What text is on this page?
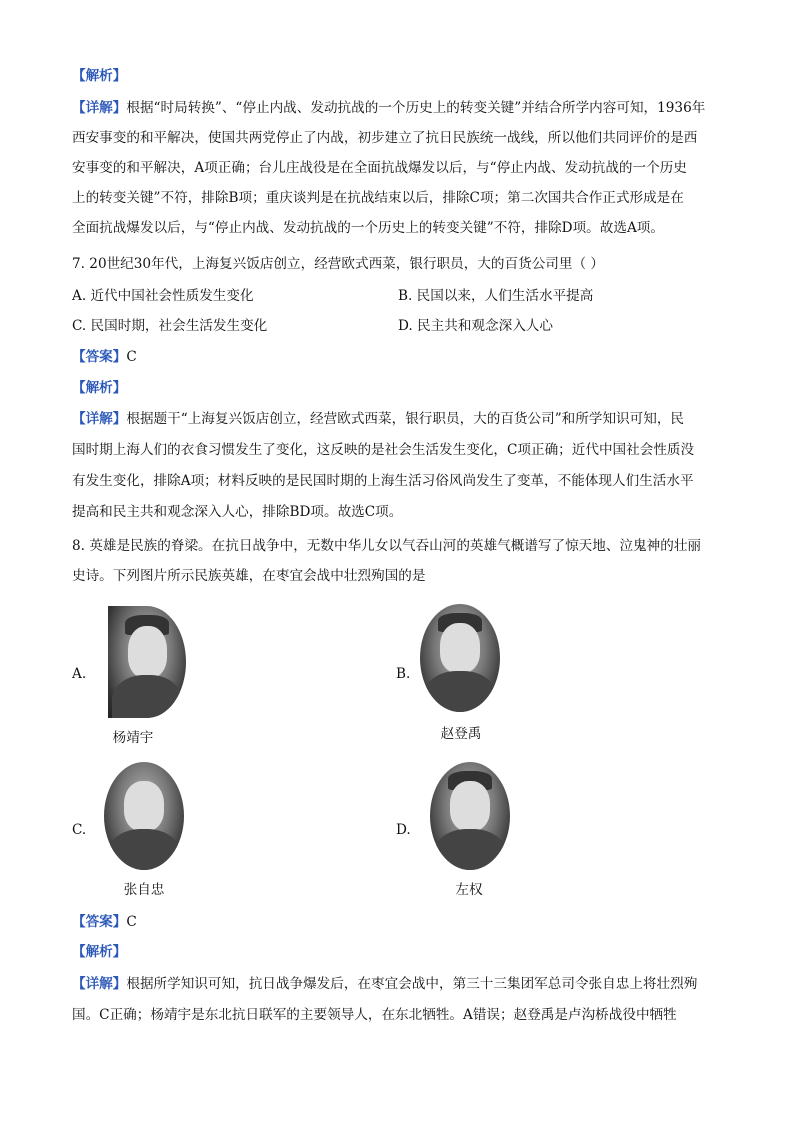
【解析】

【详解】根据“时局转换”、“停止内战、发动抗战的一个历史上的转变关键”并结合所学内容可知，1936年

西安事变的和平解决，使国共两党停止了内战，初步建立了抗日民族统一战线，所以他们共同评价的是西

安事变的和平解决，A项正确；台儿庄战役是在全面抗战爆发以后，与“停止内战、发动抗战的一个历史

上的转变关键”不符，排除B项；重庆谈判是在抗战结束以后，排除C项；第二次国共合作正式形成是在

全面抗战爆发以后，与“停止内战、发动抗战的一个历史上的转变关键”不符，排除D项。故选A项。

7. 20世纪30年代，上海复兴饭店创立，经营欧式西菜，银行职员，大的百货公司里（ ）

A. 近代中国社会性质发生变化	B. 民国以来，人们生活水平提高
C. 民国时期，社会生活发生变化	D. 民主共和观念深入人心

【答案】C

【解析】

【详解】根据题干“上海复兴饭店创立，经营欧式西菜，银行职员，大的百货公司”和所学知识可知，民

国时期上海人们的衣食习惯发生了变化，这反映的是社会生活发生变化，C项正确；近代中国社会性质没

有发生变化，排除A项；材料反映的是民国时期的上海生活习俗风尚发生了变革，不能体现人们生活水平

提高和民主共和观念深入人心，排除BD项。故选C项。

8. 英雄是民族的脊梁。在抗日战争中，无数中华儿女以气吞山河的英雄气概谱写了惊天地、泣鬼神的壮丽

史诗。下列图片所示民族英雄，在枣宜会战中壮烈殉国的是

A.
杨靖宇
B.
赵登禹
C.
张自忠
D.
左权

【答案】C

【解析】

【详解】根据所学知识可知，抗日战争爆发后，在枣宜会战中，第三十三集团军总司令张自忠上将壮烈殉

国。C正确；杨靖宇是东北抗日联军的主要领导人，在东北牺牲。A错误；赵登禹是卢沟桥战役中牺牲
